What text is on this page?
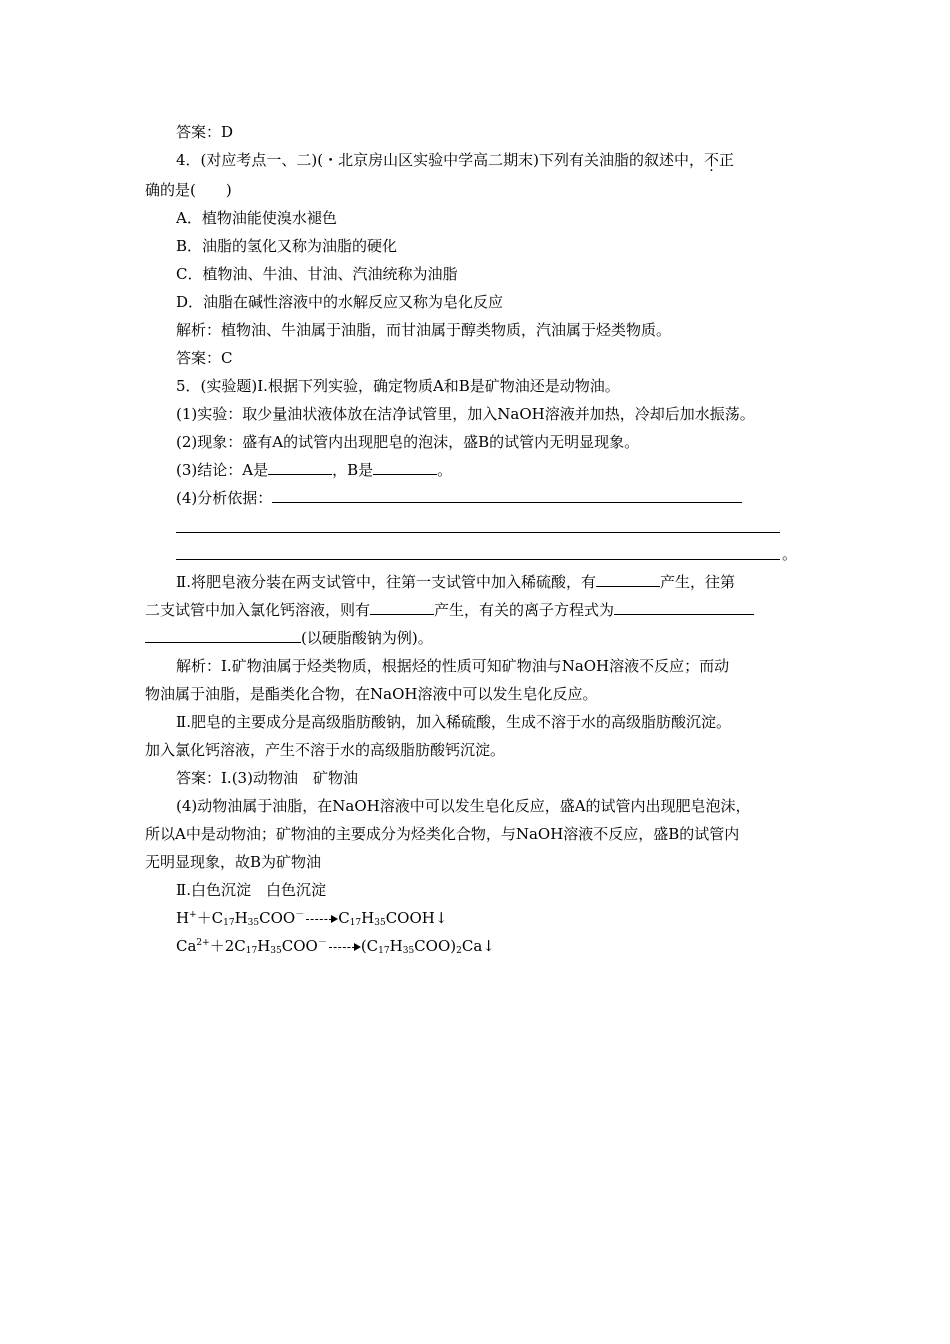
答案：D
4．(对应考点一、二)(・北京房山区实验中学高二期末)下列有关油脂的叙述中，不正
确的是(　　)
A．植物油能使溴水褪色
B．油脂的氢化又称为油脂的硬化
C．植物油、牛油、甘油、汽油统称为油脂
D．油脂在碱性溶液中的水解反应又称为皂化反应
解析：植物油、牛油属于油脂，而甘油属于醇类物质，汽油属于烃类物质。
答案：C
5．(实验题)Ⅰ.根据下列实验，确定物质A和B是矿物油还是动物油。
(1)实验：取少量油状液体放在洁净试管里，加入NaOH溶液并加热，冷却后加水振荡。
(2)现象：盛有A的试管内出现肥皂的泡沫，盛B的试管内无明显现象。
(3)结论：A是	，B是	。
(4)分析依据：
。
Ⅱ.将肥皂液分装在两支试管中，往第一支试管中加入稀硫酸，有	产生，往第
二支试管中加入氯化钙溶液，则有	产生，有关的离子方程式为
(以硬脂酸钠为例)。
解析：Ⅰ.矿物油属于烃类物质，根据烃的性质可知矿物油与NaOH溶液不反应；而动
物油属于油脂，是酯类化合物，在NaOH溶液中可以发生皂化反应。
Ⅱ.肥皂的主要成分是高级脂肪酸钠，加入稀硫酸，生成不溶于水的高级脂肪酸沉淀。
加入氯化钙溶液，产生不溶于水的高级脂肪酸钙沉淀。
答案：Ⅰ.(3)动物油　矿物油
(4)动物油属于油脂，在NaOH溶液中可以发生皂化反应，盛A的试管内出现肥皂泡沫，
所以A中是动物油；矿物油的主要成分为烃类化合物，与NaOH溶液不反应，盛B的试管内
无明显现象，故B为矿物油
Ⅱ.白色沉淀　白色沉淀
$H^++C_{17}H_{35}COO^-$ $C_{17}H_{35}COOH↓$
$Ca^{2+}+2C_{17}H_{35}COO^-$ $(C_{17}H_{35}COO)_2Ca↓$
